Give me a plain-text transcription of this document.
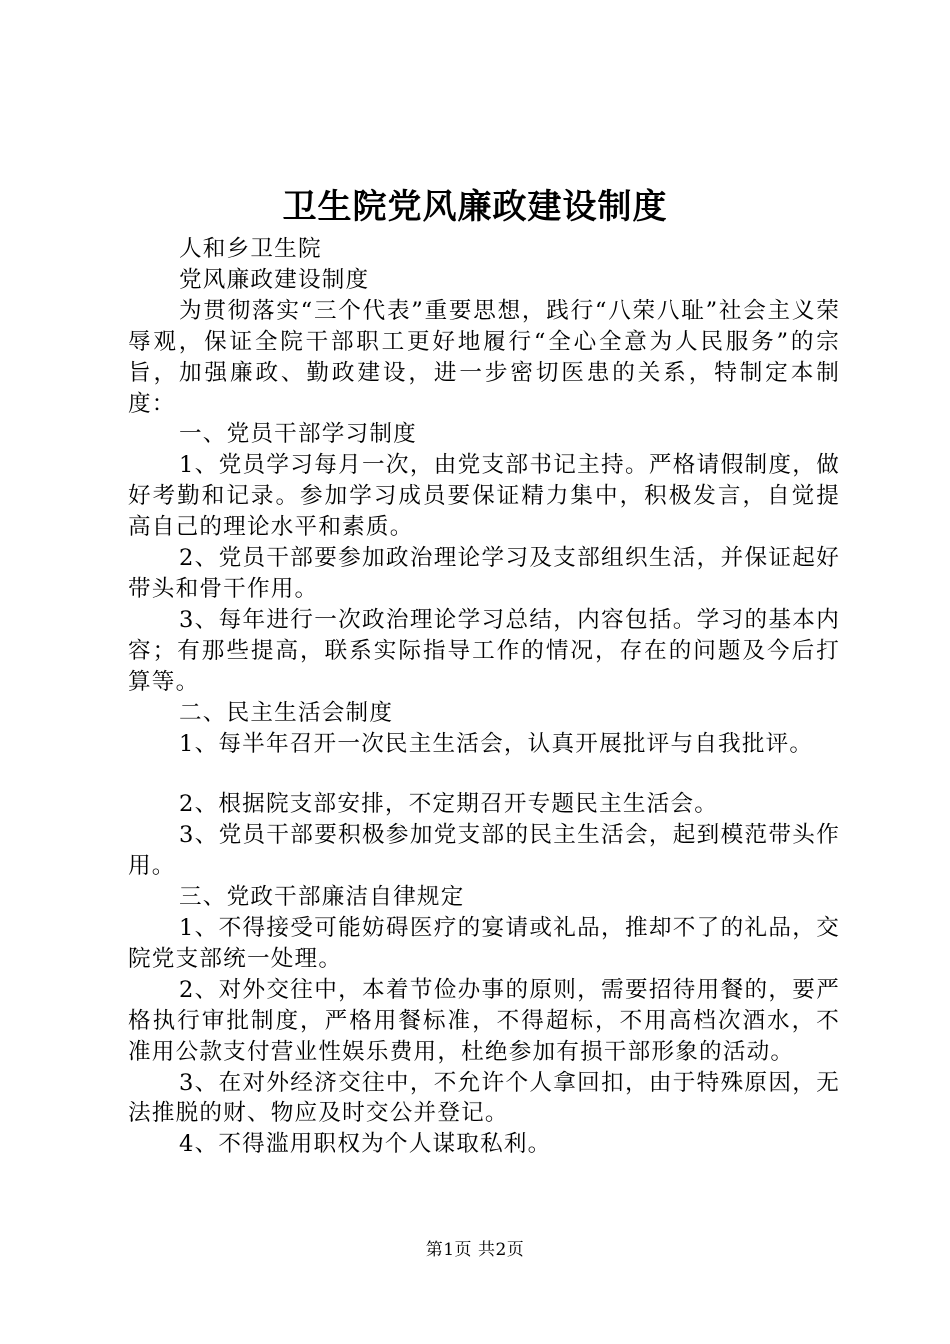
卫生院党风廉政建设制度

人和乡卫生院

党风廉政建设制度

为贯彻落实“三个代表”重要思想，践行“八荣八耻”社会主义荣辱观，保证全院干部职工更好地履行“全心全意为人民服务”的宗旨，加强廉政、勤政建设，进一步密切医患的关系，特制定本制度：

一、党员干部学习制度

1、党员学习每月一次，由党支部书记主持。严格请假制度，做好考勤和记录。参加学习成员要保证精力集中，积极发言，自觉提高自己的理论水平和素质。

2、党员干部要参加政治理论学习及支部组织生活，并保证起好带头和骨干作用。

3、每年进行一次政治理论学习总结，内容包括。学习的基本内容；有那些提高，联系实际指导工作的情况，存在的问题及今后打算等。

二、民主生活会制度

1、每半年召开一次民主生活会，认真开展批评与自我批评。

2、根据院支部安排，不定期召开专题民主生活会。

3、党员干部要积极参加党支部的民主生活会，起到模范带头作用。

三、党政干部廉洁自律规定

1、不得接受可能妨碍医疗的宴请或礼品，推却不了的礼品，交院党支部统一处理。

2、对外交往中，本着节俭办事的原则，需要招待用餐的，要严格执行审批制度，严格用餐标准，不得超标，不用高档次酒水，不准用公款支付营业性娱乐费用，杜绝参加有损干部形象的活动。

3、在对外经济交往中，不允许个人拿回扣，由于特殊原因，无法推脱的财、物应及时交公并登记。

4、不得滥用职权为个人谋取私利。

第1页 共2页
